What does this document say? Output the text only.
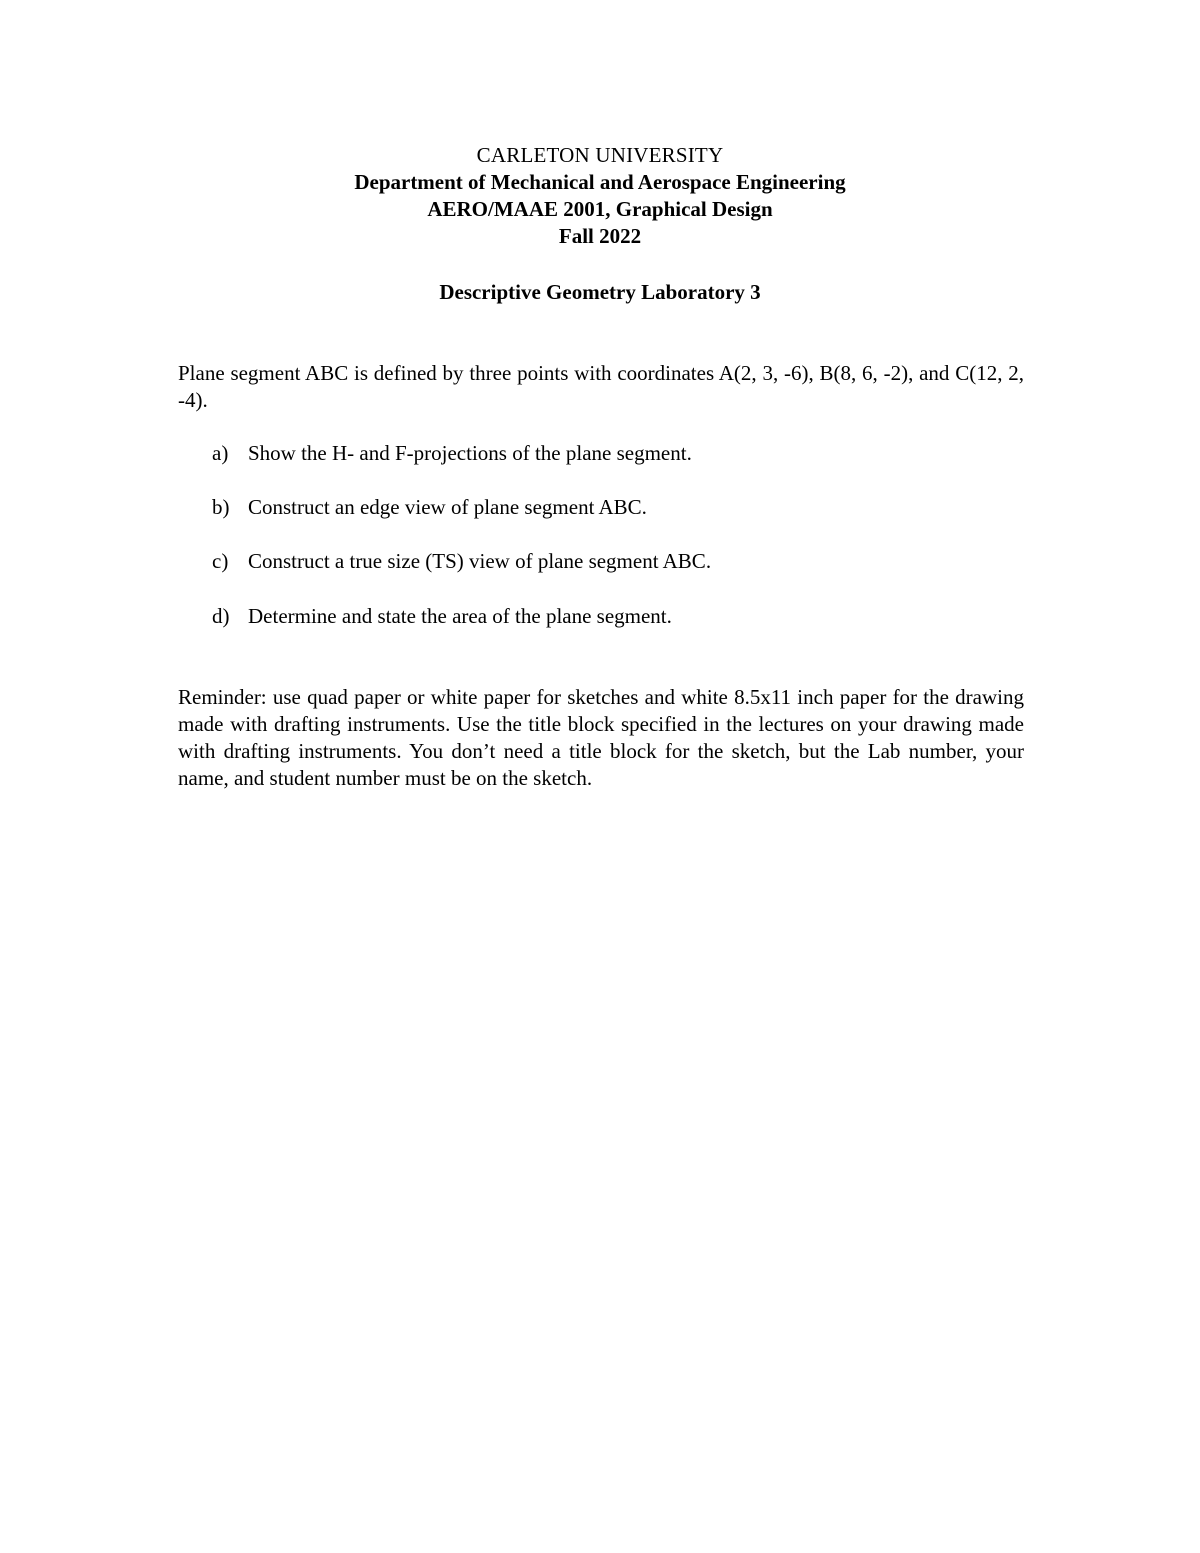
CARLETON UNIVERSITY
Department of Mechanical and Aerospace Engineering
AERO/MAAE 2001, Graphical Design
Fall 2022
Descriptive Geometry Laboratory 3
Plane segment ABC is defined by three points with coordinates A(2, 3, -6), B(8, 6, -2), and C(12, 2, -4).
a) Show the H- and F-projections of the plane segment.
b) Construct an edge view of plane segment ABC.
c) Construct a true size (TS) view of plane segment ABC.
d) Determine and state the area of the plane segment.
Reminder: use quad paper or white paper for sketches and white 8.5x11 inch paper for the drawing made with drafting instruments. Use the title block specified in the lectures on your drawing made with drafting instruments. You don’t need a title block for the sketch, but the Lab number, your name, and student number must be on the sketch.
